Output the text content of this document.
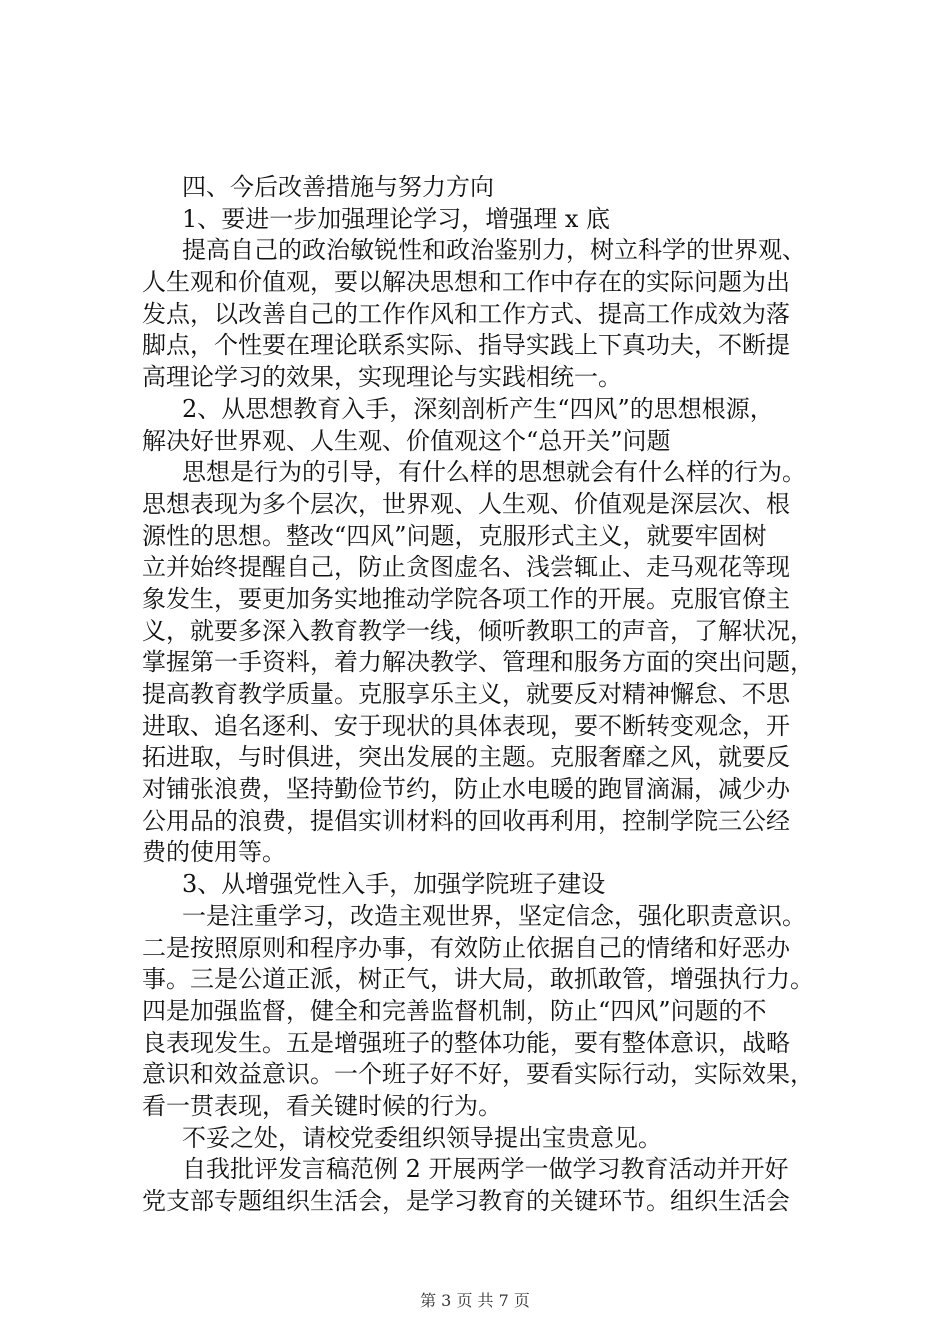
四、今后改善措施与努力方向
1、要进一步加强理论学习，增强理 x 底
提高自己的政治敏锐性和政治鉴别力，树立科学的世界观、
人生观和价值观，要以解决思想和工作中存在的实际问题为出
发点，以改善自己的工作作风和工作方式、提高工作成效为落
脚点，个性要在理论联系实际、指导实践上下真功夫，不断提
高理论学习的效果，实现理论与实践相统一。
2、从思想教育入手，深刻剖析产生“四风”的思想根源，
解决好世界观、人生观、价值观这个“总开关”问题
思想是行为的引导，有什么样的思想就会有什么样的行为。
思想表现为多个层次，世界观、人生观、价值观是深层次、根
源性的思想。整改“四风”问题，克服形式主义，就要牢固树
立并始终提醒自己，防止贪图虚名、浅尝辄止、走马观花等现
象发生，要更加务实地推动学院各项工作的开展。克服官僚主
义，就要多深入教育教学一线，倾听教职工的声音，了解状况，
掌握第一手资料，着力解决教学、管理和服务方面的突出问题，
提高教育教学质量。克服享乐主义，就要反对精神懈怠、不思
进取、追名逐利、安于现状的具体表现，要不断转变观念，开
拓进取，与时俱进，突出发展的主题。克服奢靡之风，就要反
对铺张浪费，坚持勤俭节约，防止水电暖的跑冒滴漏，减少办
公用品的浪费，提倡实训材料的回收再利用，控制学院三公经
费的使用等。
3、从增强党性入手，加强学院班子建设
一是注重学习，改造主观世界，坚定信念，强化职责意识。
二是按照原则和程序办事，有效防止依据自己的情绪和好恶办
事。三是公道正派，树正气，讲大局，敢抓敢管，增强执行力。
四是加强监督，健全和完善监督机制，防止“四风”问题的不
良表现发生。五是增强班子的整体功能，要有整体意识，战略
意识和效益意识。一个班子好不好，要看实际行动，实际效果，
看一贯表现，看关键时候的行为。
不妥之处，请校党委组织领导提出宝贵意见。
自我批评发言稿范例 2 开展两学一做学习教育活动并开好
党支部专题组织生活会，是学习教育的关键环节。组织生活会
第 3 页 共 7 页
